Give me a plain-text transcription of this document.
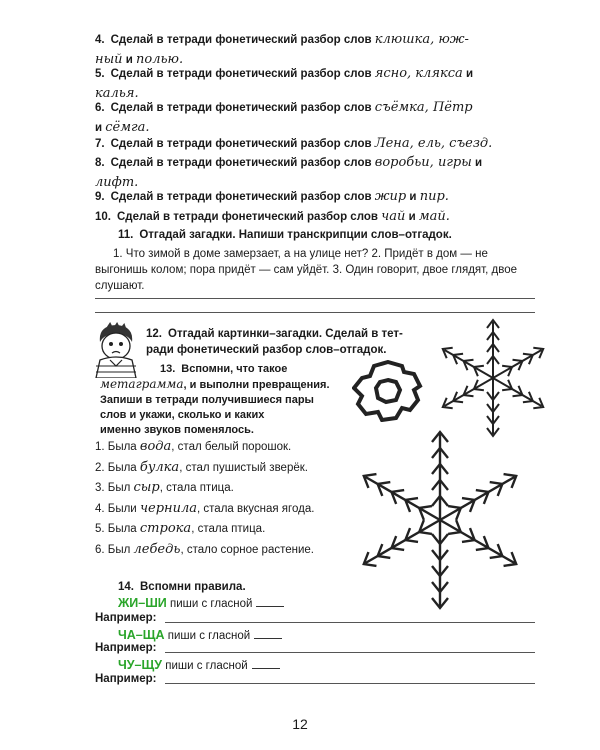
4. Сделай в тетради фонетический разбор слов клюшка, юж-
ный и полью.
5. Сделай в тетради фонетический разбор слов ясно, клякса и
калья.
6. Сделай в тетради фонетический разбор слов съёмка, Пётр
и сёмга.
7. Сделай в тетради фонетический разбор слов Лена, ель, съезд.
8. Сделай в тетради фонетический разбор слов воробьи, игры и
лифт.
9. Сделай в тетради фонетический разбор слов жир и пир.
10. Сделай в тетради фонетический разбор слов чай и май.
11. Отгадай загадки. Напиши транскрипции слов–отгадок.
1. Что зимой в доме замерзает, а на улице нет? 2. Придёт в дом — не выгонишь колом; пора придёт — сам уйдёт. 3. Один говорит, двое глядят, двое слушают.
12. Отгадай картинки–загадки. Сделай в тет-
ради фонетический разбор слов–отгадок.
13. Вспомни, что такое
метаграмма, и выполни превращения.
Запиши в тетради получившиеся пары
слов и укажи, сколько и каких
именно звуков поменялось.
1. Была вода, стал белый порошок.
2. Была булка, стал пушистый зверёк.
3. Был сыр, стала птица.
4. Были чернила, стала вкусная ягода.
5. Была строка, стала птица.
6. Был лебедь, стало сорное растение.
14. Вспомни правила.
ЖИ–ШИ пиши с гласной
Например:
ЧА–ЩА пиши с гласной
Например:
ЧУ–ЩУ пиши с гласной
Например:
12
